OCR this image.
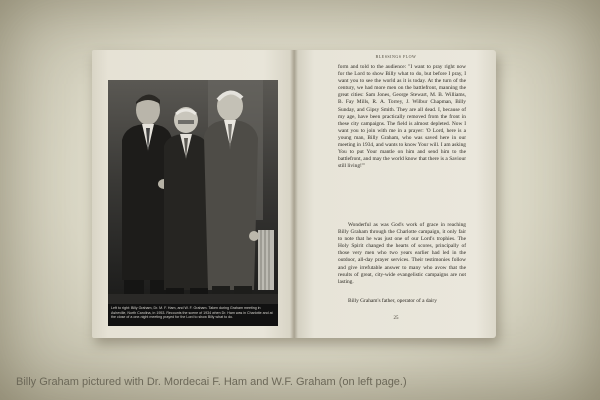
Left to right: Billy Graham, Dr. M. F. Ham, and W. F. Graham. Taken during Graham meeting in Asheville, North Carolina, in 1953. Recounts the scene of 1934 when Dr. Ham was in Charlotte and at the close of a one-night meeting prayed for the Lord to show Billy what to do.
BLESSINGS FLOW
form and told to the audience: "I want to pray right now for the Lord to show Billy what to do, but before I pray, I want you to see the world as it is today. At the turn of the century, we had more men on the battlefront, manning the great cities: Sam Jones, George Stewart, M. B. Williams, B. Fay Mills, R. A. Torrey, J. Wilbur Chapman, Billy Sunday, and Gipsy Smith. They are all dead. I, because of my age, have been practically removed from the front in these city campaigns. The field is almost depleted. Now I want you to join with me in a prayer: 'O Lord, here is a young man, Billy Graham, who was saved here in our meeting in 1934, and wants to know Your will. I am asking You to put Your mantle on him and send him to the battlefront, and may the world know that there is a Saviour still living!'"
Wonderful as was God's work of grace in reaching Billy Graham through the Charlotte campaign, it only fair to note that he was just one of our Lord's trophies. The Holy Spirit changed the hearts of scores, principally of those very men who two years earlier had led in the outdoor, all-day prayer services. Their testimonies follow and give irrefutable answer to many who avow that the results of great, city-wide evangelistic campaigns are not lasting.
Billy Graham's father, operator of a dairy
25
Billy Graham pictured with Dr. Mordecai F. Ham and W.F. Graham (on left page.)
